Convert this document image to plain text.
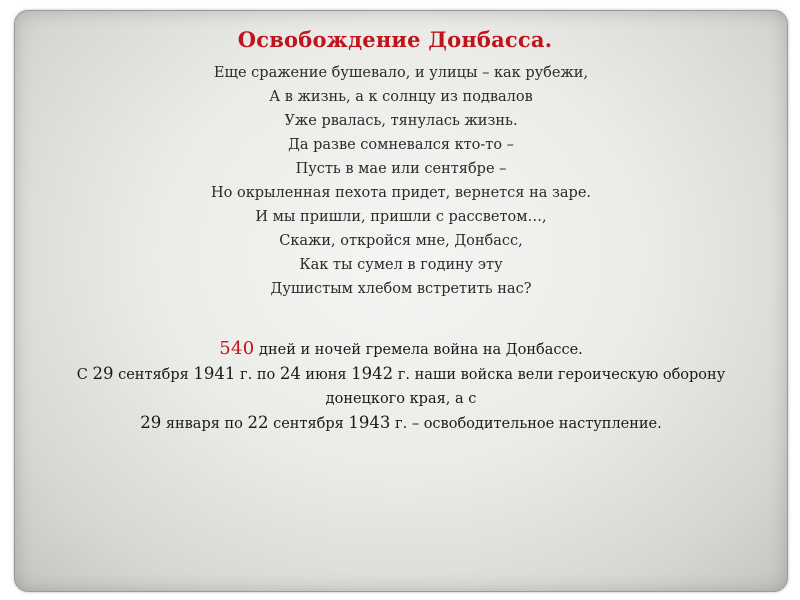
Освобождение Донбасса.
Еще сражение бушевало, и улицы – как рубежи,
А в жизнь, а к солнцу из подвалов
Уже рвалась, тянулась жизнь.
Да разве сомневался кто-то –
Пусть в мае или сентябре –
Но окрыленная пехота придет, вернется на заре.
И мы пришли, пришли с рассветом…,
Скажи, откройся мне, Донбасс,
Как ты сумел в годину эту
Душистым хлебом встретить нас?
540 дней и ночей гремела война на Донбассе.
С 29 сентября 1941 г. по 24 июня 1942 г. наши войска вели героическую оборону
донецкого края, а с
29 января по 22 сентября 1943 г. – освободительное наступление.
